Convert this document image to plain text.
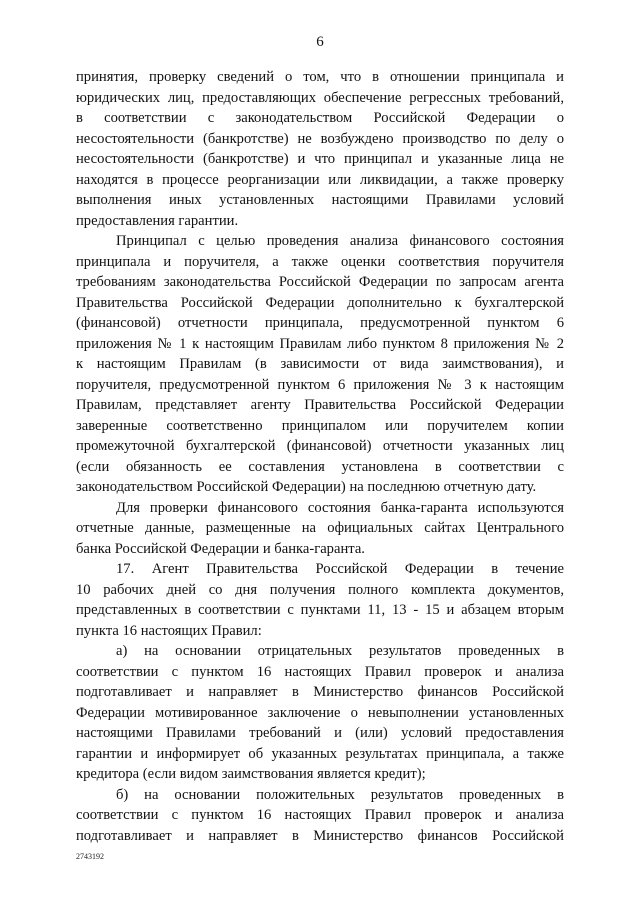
6
принятия, проверку сведений о том, что в отношении принципала и
юридических лиц, предоставляющих обеспечение регрессных требований,
в соответствии с законодательством Российской Федерации о
несостоятельности (банкротстве) не возбуждено производство по делу о
несостоятельности (банкротстве) и что принципал и указанные лица не
находятся в процессе реорганизации или ликвидации, а также проверку
выполнения иных установленных настоящими Правилами условий
предоставления гарантии.
Принципал с целью проведения анализа финансового состояния
принципала и поручителя, а также оценки соответствия поручителя
требованиям законодательства Российской Федерации по запросам агента
Правительства Российской Федерации дополнительно к бухгалтерской
(финансовой) отчетности принципала, предусмотренной пунктом 6
приложения № 1 к настоящим Правилам либо пунктом 8 приложения № 2
к настоящим Правилам (в зависимости от вида заимствования), и
поручителя, предусмотренной пунктом 6 приложения № 3 к настоящим
Правилам, представляет агенту Правительства Российской Федерации
заверенные соответственно принципалом или поручителем копии
промежуточной бухгалтерской (финансовой) отчетности указанных лиц
(если обязанность ее составления установлена в соответствии с
законодательством Российской Федерации) на последнюю отчетную дату.
Для проверки финансового состояния банка-гаранта используются
отчетные данные, размещенные на официальных сайтах Центрального
банка Российской Федерации и банка-гаранта.
17. Агент Правительства Российской Федерации в течение
10 рабочих дней со дня получения полного комплекта документов,
представленных в соответствии с пунктами 11, 13 - 15 и абзацем вторым
пункта 16 настоящих Правил:
а) на основании отрицательных результатов проведенных в
соответствии с пунктом 16 настоящих Правил проверок и анализа
подготавливает и направляет в Министерство финансов Российской
Федерации мотивированное заключение о невыполнении установленных
настоящими Правилами требований и (или) условий предоставления
гарантии и информирует об указанных результатах принципала, а также
кредитора (если видом заимствования является кредит);
б) на основании положительных результатов проведенных в
соответствии с пунктом 16 настоящих Правил проверок и анализа
подготавливает и направляет в Министерство финансов Российской
2743192
